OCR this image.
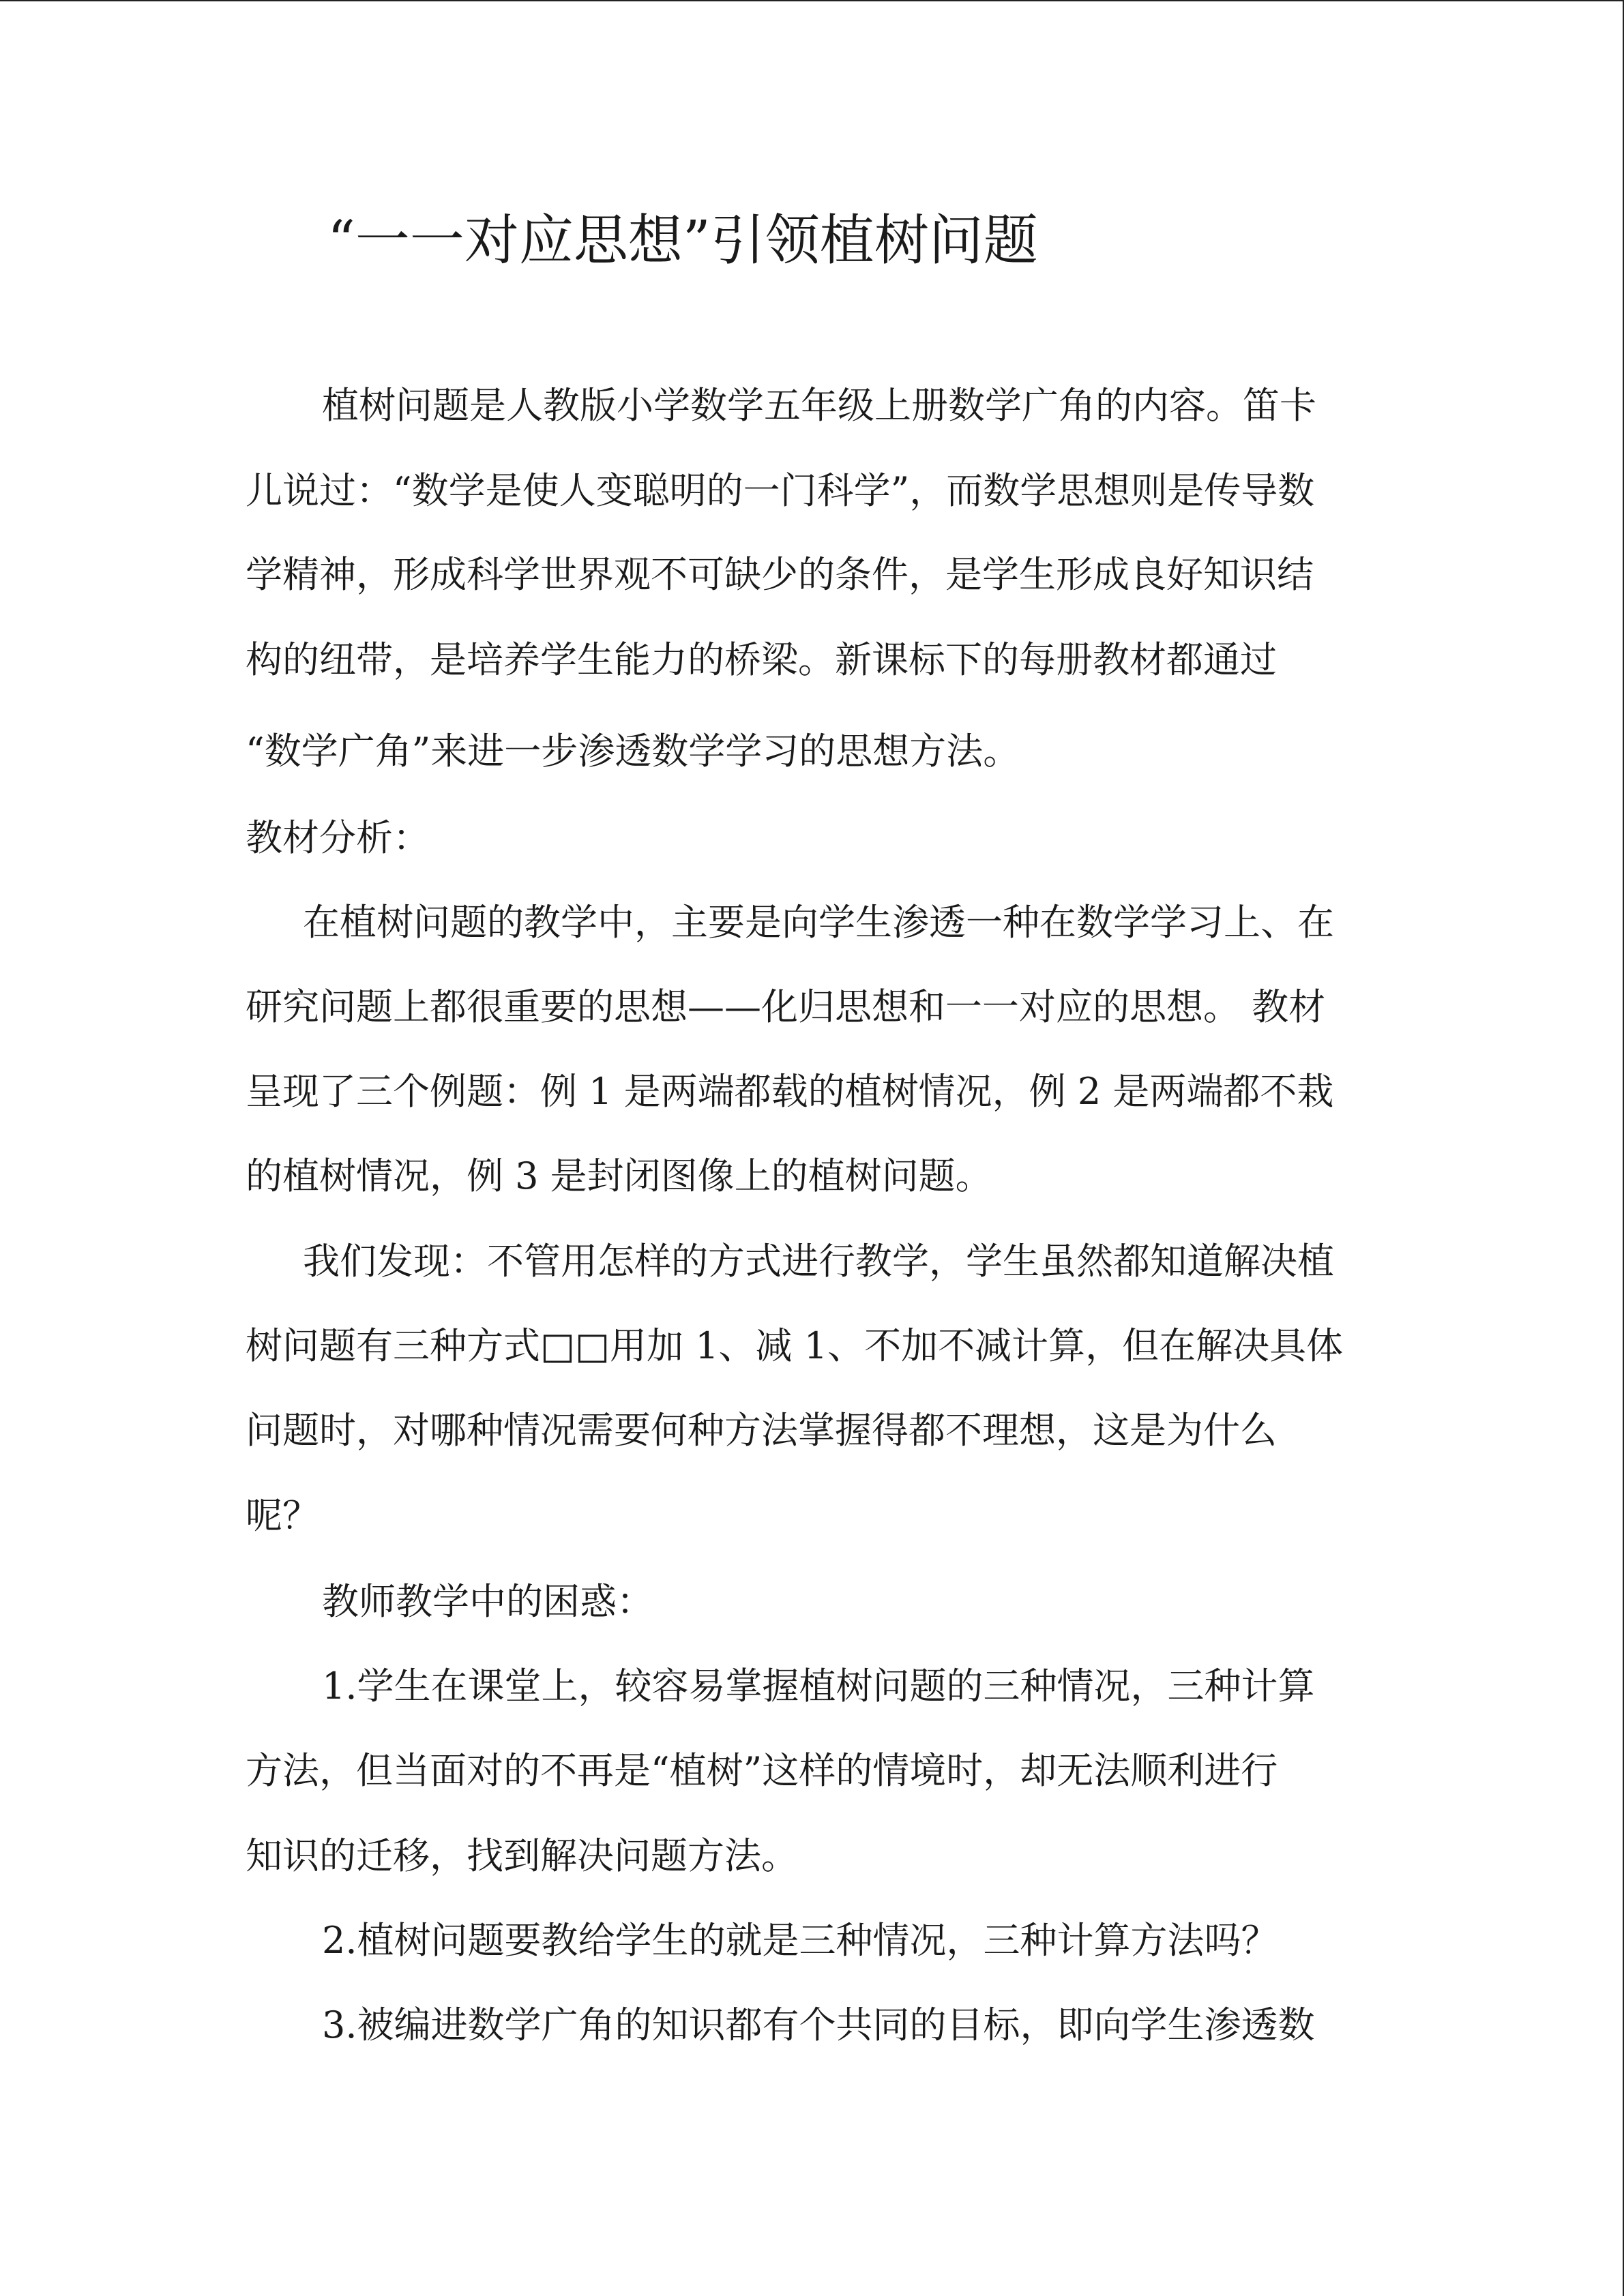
“一一对应思想”引领植树问题

植树问题是人教版小学数学五年级上册数学广角的内容。笛卡

儿说过：“数学是使人变聪明的一门科学”，而数学思想则是传导数

学精神，形成科学世界观不可缺少的条件，是学生形成良好知识结

构的纽带，是培养学生能力的桥梁。新课标下的每册教材都通过

“数学广角”来进一步渗透数学学习的思想方法。

教材分析：

在植树问题的教学中，主要是向学生渗透一种在数学学习上、在

研究问题上都很重要的思想——化归思想和一一对应的思想。 教材

呈现了三个例题：例 1 是两端都载的植树情况，例 2 是两端都不栽

的植树情况，例 3 是封闭图像上的植树问题。

我们发现：不管用怎样的方式进行教学，学生虽然都知道解决植

树问题有三种方式□□用加 1、减 1、不加不减计算，但在解决具体

问题时，对哪种情况需要何种方法掌握得都不理想，这是为什么

呢？

教师教学中的困惑：

1.学生在课堂上，较容易掌握植树问题的三种情况，三种计算

方法，但当面对的不再是“植树”这样的情境时，却无法顺利进行

知识的迁移，找到解决问题方法。

2.植树问题要教给学生的就是三种情况，三种计算方法吗？

3.被编进数学广角的知识都有个共同的目标，即向学生渗透数
